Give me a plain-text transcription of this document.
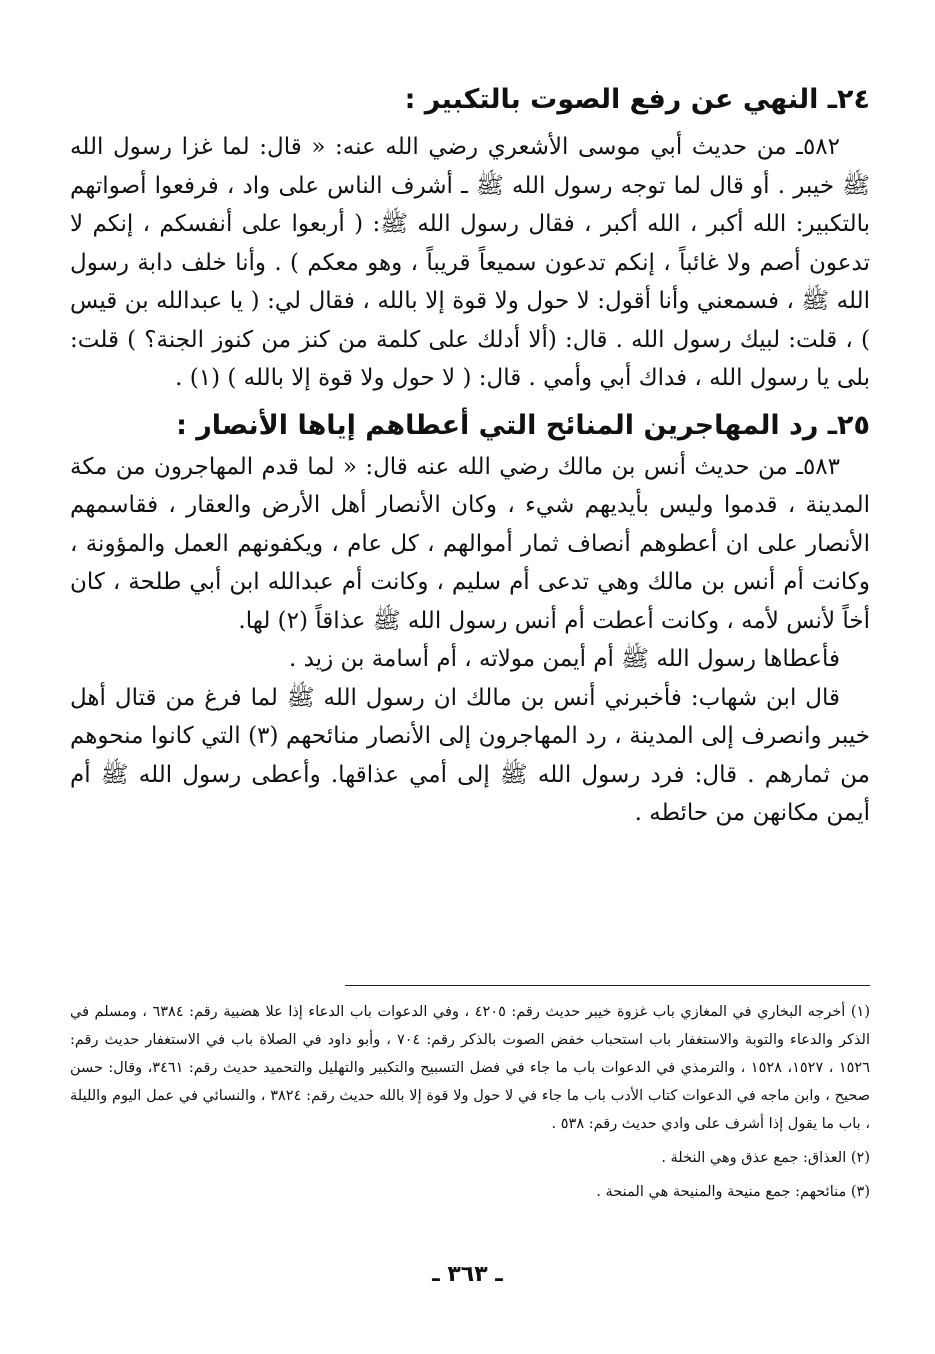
٢٤ـ النهي عن رفع الصوت بالتكبير :

٥٨٢ـ من حديث أبي موسى الأشعري رضي الله عنه: « قال: لما غزا رسول الله ﷺ خيبر . أو قال لما توجه رسول الله ﷺ ـ أشرف الناس على واد ، فرفعوا أصواتهم بالتكبير: الله أكبر ، الله أكبر ، فقال رسول الله ﷺ: ( أربعوا على أنفسكم ، إنكم لا تدعون أصم ولا غائباً ، إنكم تدعون سميعاً قريباً ، وهو معكم ) . وأنا خلف دابة رسول الله ﷺ ، فسمعني وأنا أقول: لا حول ولا قوة إلا بالله ، فقال لي: ( يا عبدالله بن قيس ) ، قلت: لبيك رسول الله . قال: (ألا أدلك على كلمة من كنز من كنوز الجنة؟ ) قلت: بلى يا رسول الله ، فداك أبي وأمي . قال: ( لا حول ولا قوة إلا بالله ) (١) .

٢٥ـ رد المهاجرين المنائح التي أعطاهم إياها الأنصار :

٥٨٣ـ من حديث أنس بن مالك رضي الله عنه قال: « لما قدم المهاجرون من مكة المدينة ، قدموا وليس بأيديهم شيء ، وكان الأنصار أهل الأرض والعقار ، فقاسمهم الأنصار على ان أعطوهم أنصاف ثمار أموالهم ، كل عام ، ويكفونهم العمل والمؤونة ، وكانت أم أنس بن مالك وهي تدعى أم سليم ، وكانت أم عبدالله ابن أبي طلحة ، كان أخاً لأنس لأمه ، وكانت أعطت أم أنس رسول الله ﷺ عذاقاً (٢) لها.

فأعطاها رسول الله ﷺ أم أيمن مولاته ، أم أسامة بن زيد .

قال ابن شهاب: فأخبرني أنس بن مالك ان رسول الله ﷺ لما فرغ من قتال أهل خيبر وانصرف إلى المدينة ، رد المهاجرون إلى الأنصار منائحهم (٣) التي كانوا منحوهم من ثمارهم . قال: فرد رسول الله ﷺ إلى أمي عذاقها. وأعطى رسول الله ﷺ أم أيمن مكانهن من حائطه .

(١) أخرجه البخاري في المغازي باب غزوة خيبر حديث رقم: ٤٢٠٥ ، وفي الدعوات باب الدعاء إذا علا هضبية رقم: ٦٣٨٤ ، ومسلم في الذكر والدعاء والتوبة والاستغفار باب استحباب خفض الصوت بالذكر رقم: ٧٠٤ ، وأبو داود في الصلاة باب في الاستغفار حديث رقم: ١٥٢٦ ، ١٥٢٧، ١٥٢٨ ، والترمذي في الدعوات باب ما جاء في فضل التسبيح والتكبير والتهليل والتحميد حديث رقم: ٣٤٦١، وقال: حسن صحيح ، وابن ماجه في الدعوات كتاب الأدب باب ما جاء في لا حول ولا قوة إلا بالله حديث رقم: ٣٨٢٤ ، والنسائي في عمل اليوم والليلة ، باب ما يقول إذا أشرف على وادي حديث رقم: ٥٣٨ .

(٢) العذاق: جمع عذق وهي النخلة .

(٣) منائحهم: جمع منيحة والمنيحة هي المنحة .

ـ ٣٦٣ ـ
